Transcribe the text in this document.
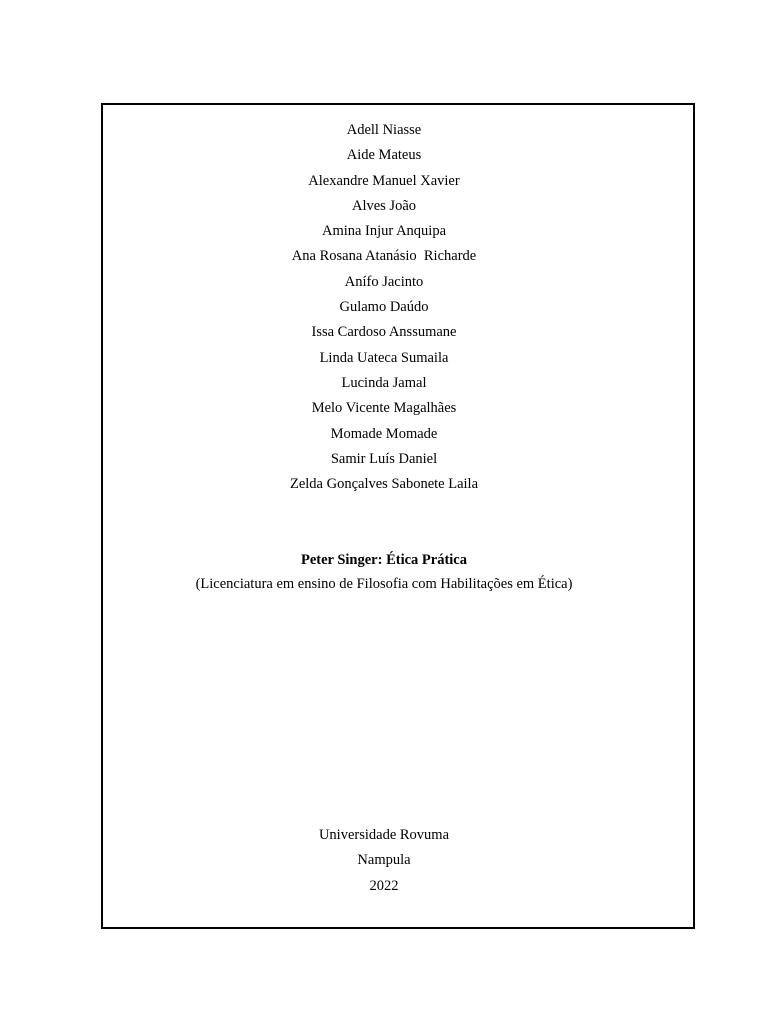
Adell Niasse
Aide Mateus
Alexandre Manuel Xavier
Alves João
Amina Injur Anquipa
Ana Rosana Atanásio  Richarde
Anífo Jacinto
Gulamo Daúdo
Issa Cardoso Anssumane
Linda Uateca Sumaila
Lucinda Jamal
Melo Vicente Magalhães
Momade Momade
Samir Luís Daniel
Zelda Gonçalves Sabonete Laila
Peter Singer: Ética Prática
(Licenciatura em ensino de Filosofia com Habilitações em Ética)
Universidade Rovuma
Nampula
2022
